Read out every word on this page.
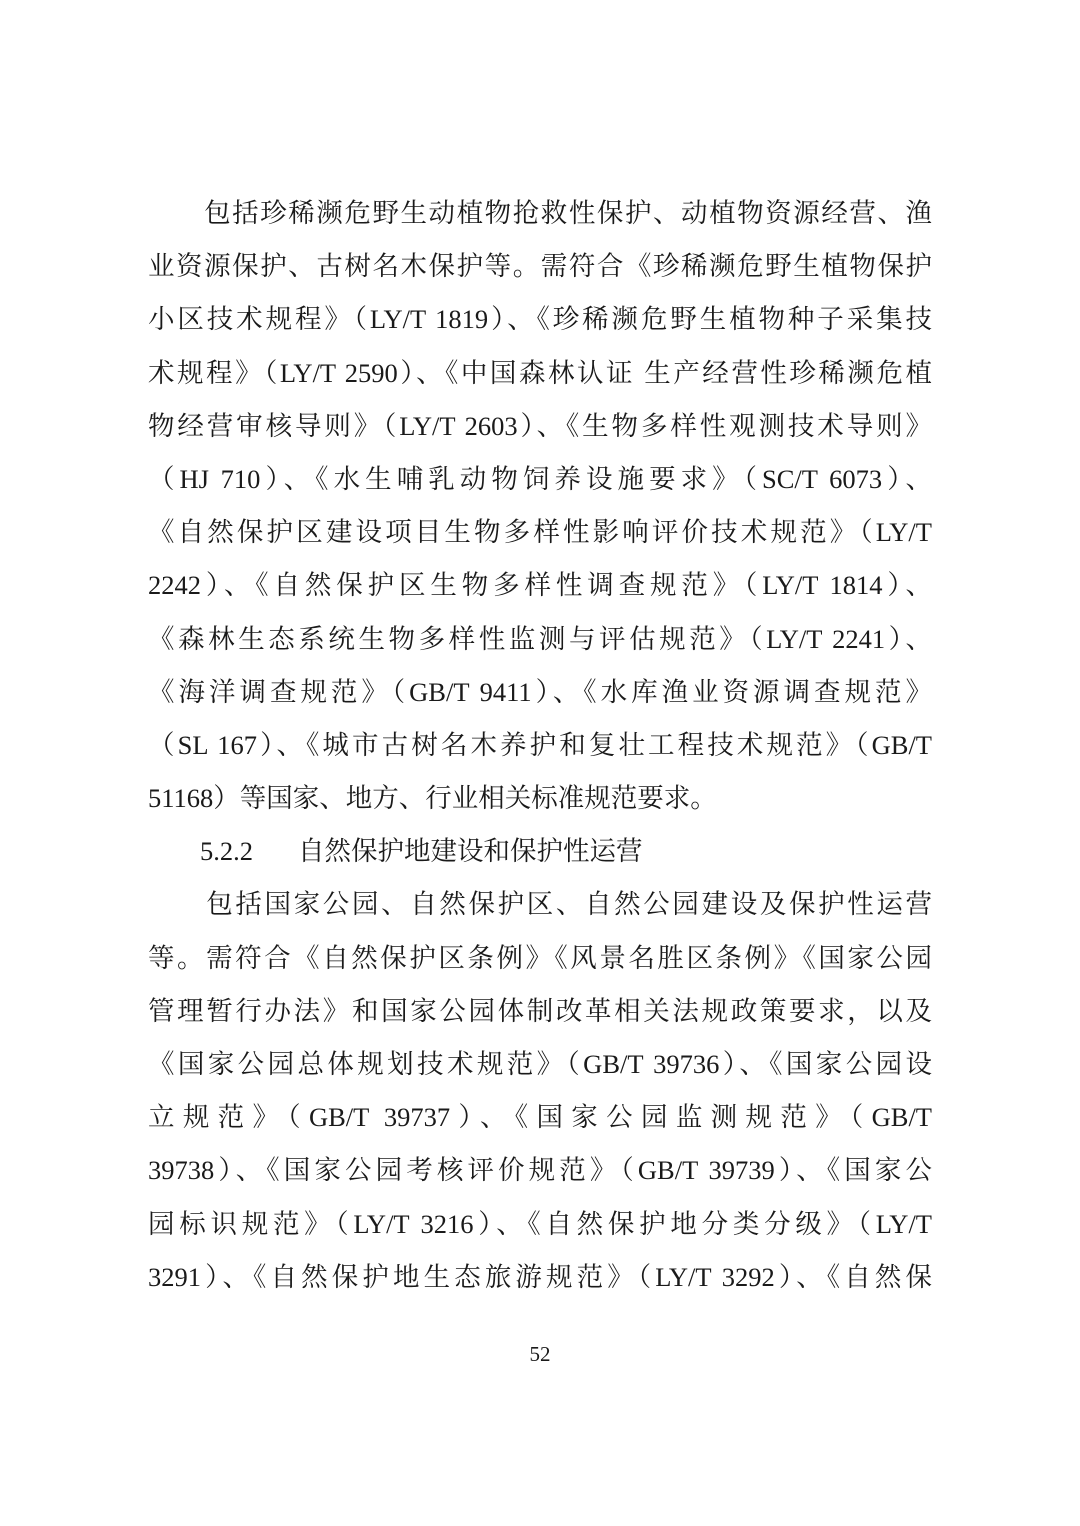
　　包括珍稀濒危野生动植物抢救性保护、动植物资源经营、渔
业资源保护、古树名木保护等。需符合《珍稀濒危野生植物保护
小区技术规程》（LY/T 1819）、《珍稀濒危野生植物种子采集技
术规程》（LY/T 2590）、《中国森林认证 生产经营性珍稀濒危植
物经营审核导则》（LY/T 2603）、《生物多样性观测技术导则》
（HJ 710）、《水生哺乳动物饲养设施要求》（SC/T 6073）、
《自然保护区建设项目生物多样性影响评价技术规范》（LY/T
2242）、《自然保护区生物多样性调查规范》（LY/T 1814）、
《森林生态系统生物多样性监测与评估规范》（LY/T 2241）、
《海洋调查规范》（GB/T 9411）、《水库渔业资源调查规范》
（SL 167）、《城市古树名木养护和复壮工程技术规范》（GB/T
51168）等国家、地方、行业相关标准规范要求。
5.2.2 自然保护地建设和保护性运营
　　包括国家公园、自然保护区、自然公园建设及保护性运营
等。需符合《自然保护区条例》《风景名胜区条例》《国家公园
管理暂行办法》和国家公园体制改革相关法规政策要求，以及
《国家公园总体规划技术规范》（GB/T 39736）、《国家公园设
立规范》（GB/T 39737）、《国家公园监测规范》（GB/T
39738）、《国家公园考核评价规范》（GB/T 39739）、《国家公
园标识规范》（LY/T 3216）、《自然保护地分类分级》（LY/T
3291）、《自然保护地生态旅游规范》（LY/T 3292）、《自然保
52
